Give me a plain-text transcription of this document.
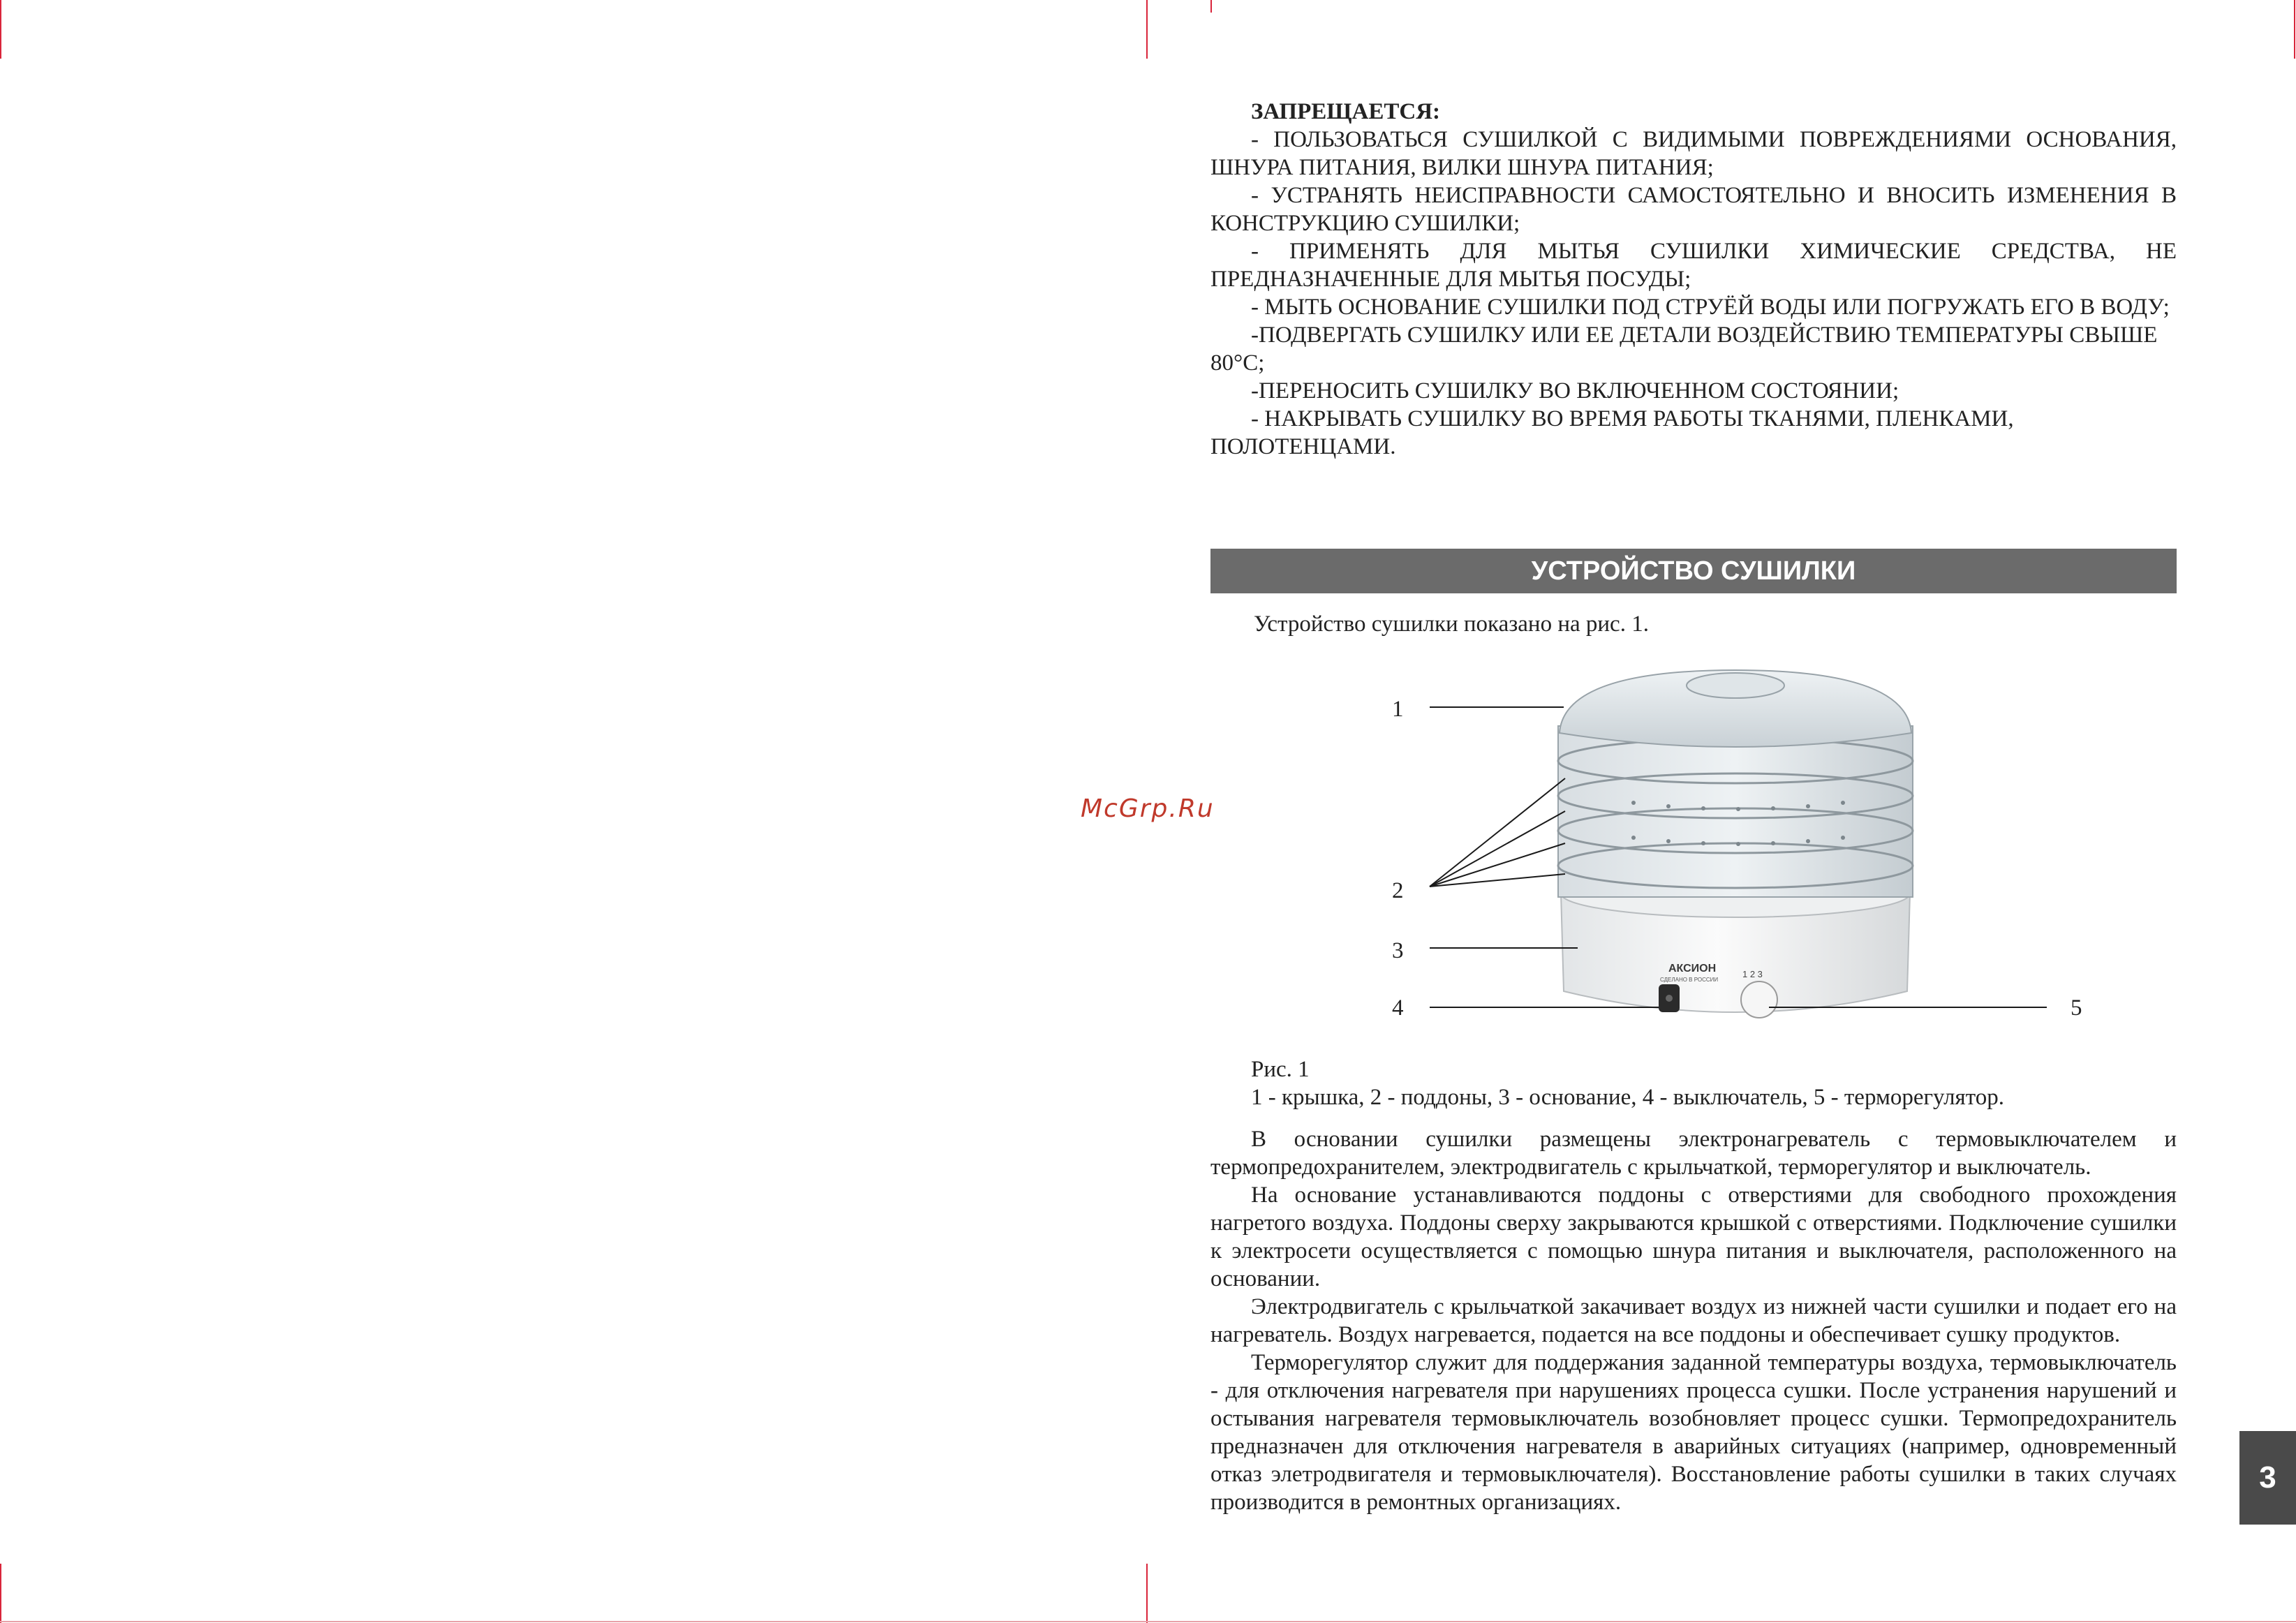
McGrp.Ru
ЗАПРЕЩАЕТСЯ:

- ПОЛЬЗОВАТЬСЯ СУШИЛКОЙ С ВИДИМЫМИ ПОВРЕЖДЕНИЯМИ ОСНОВАНИЯ, ШНУРА ПИТАНИЯ, ВИЛКИ ШНУРА ПИТАНИЯ;

- УСТРАНЯТЬ НЕИСПРАВНОСТИ САМОСТОЯТЕЛЬНО И ВНОСИТЬ ИЗМЕНЕНИЯ В КОНСТРУКЦИЮ СУШИЛКИ;

- ПРИМЕНЯТЬ ДЛЯ МЫТЬЯ СУШИЛКИ ХИМИЧЕСКИЕ СРЕДСТВА, НЕ ПРЕДНАЗНАЧЕННЫЕ ДЛЯ МЫТЬЯ ПОСУДЫ;

- МЫТЬ ОСНОВАНИЕ СУШИЛКИ ПОД СТРУЁЙ ВОДЫ ИЛИ ПОГРУЖАТЬ ЕГО В ВОДУ;

-ПОДВЕРГАТЬ СУШИЛКУ ИЛИ ЕЕ ДЕТАЛИ ВОЗДЕЙСТВИЮ ТЕМПЕРАТУРЫ СВЫШЕ 80°С;

-ПЕРЕНОСИТЬ СУШИЛКУ ВО ВКЛЮЧЕННОМ СОСТОЯНИИ;

- НАКРЫВАТЬ СУШИЛКУ ВО ВРЕМЯ РАБОТЫ ТКАНЯМИ, ПЛЕНКАМИ, ПОЛОТЕНЦАМИ.

УСТРОЙСТВО СУШИЛКИ
Устройство сушилки показано на рис. 1.
АКСИОН
СДЕЛАНО В РОССИИ
1 2 3
1
2
3
4	5
Рис. 1
1 - крышка, 2 - поддоны, 3 - основание, 4 - выключатель, 5 - терморегулятор.

В основании сушилки размещены электронагреватель с термовыключателем и термопредохранителем, электродвигатель с крыльчаткой, терморегулятор и выключатель.

На основание устанавливаются поддоны с отверстиями для свободного прохождения нагретого воздуха. Поддоны сверху закрываются крышкой с отверстиями. Подключение сушилки к электросети осуществляется с помощью шнура питания и выключателя, расположенного на основании.

Электродвигатель с крыльчаткой закачивает воздух из нижней части сушилки и подает его на нагреватель. Воздух нагревается, подается на все поддоны и обеспечивает сушку продуктов.

Терморегулятор служит для поддержания заданной температуры воздуха, термовыключатель - для отключения нагревателя при нарушениях процесса сушки. После устранения нарушений и остывания нагревателя термовыключатель возобновляет процесс сушки. Термопредохранитель предназначен для отключения нагревателя в аварийных ситуациях (например, одновременный отказ элетродвигателя и термовыключателя). Восстановление работы сушилки в таких случаях производится в ремонтных организациях.

3
